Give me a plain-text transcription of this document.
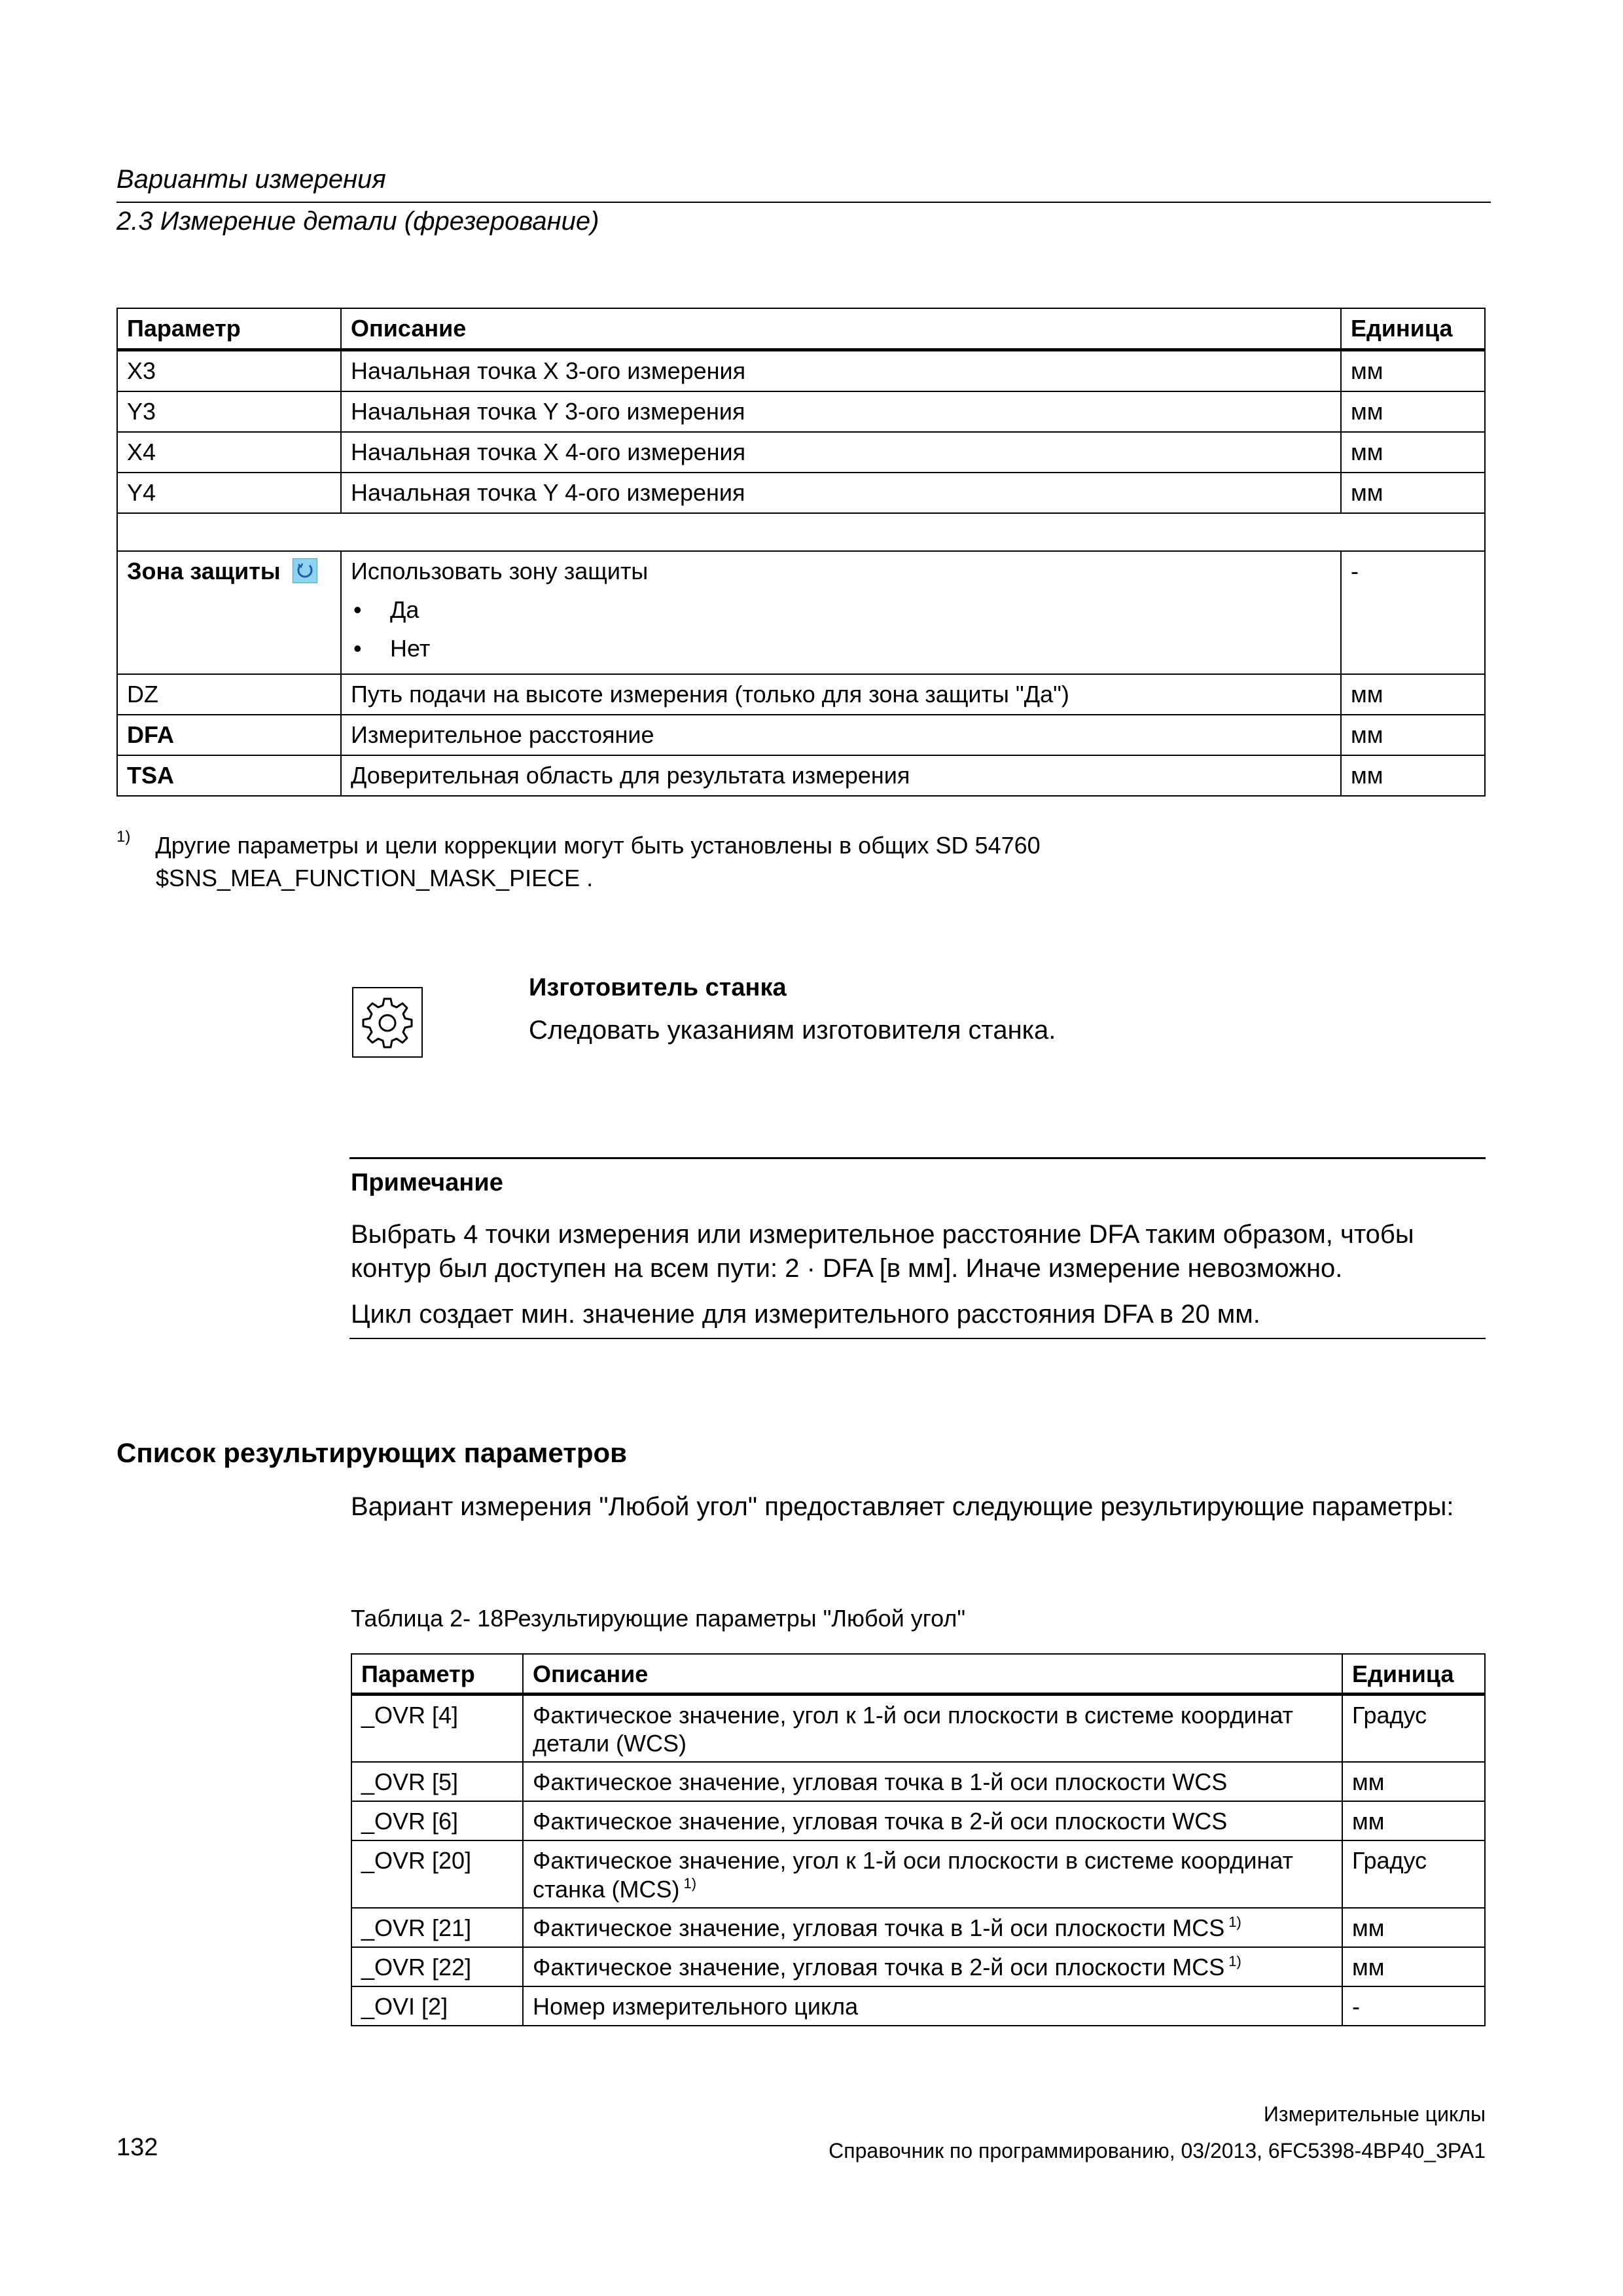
Варианты измерения
2.3 Измерение детали (фрезерование)
Параметр	Описание	Единица
X3	Начальная точка X 3-ого измерения	мм
Y3	Начальная точка Y 3-ого измерения	мм
X4	Начальная точка X 4-ого измерения	мм
Y4	Начальная точка Y 4-ого измерения	мм

Зона защиты	Использовать зону защиты
• Да
• Нет	-
DZ	Путь подачи на высоте измерения (только для зона защиты "Да")	мм
DFA	Измерительное расстояние	мм
TSA	Доверительная область для результата измерения	мм
$^{1)}$ Другие параметры и цели коррекции могут быть установлены в общих SD 54760
$SNS_MEA_FUNCTION_MASK_PIECE .
Изготовитель станка
Следовать указаниям изготовителя станка.
Примечание
Выбрать 4 точки измерения или измерительное расстояние DFA таким образом, чтобы контур был доступен на всем пути: 2 · DFA [в мм]. Иначе измерение невозможно.
Цикл создает мин. значение для измерительного расстояния DFA в 20 мм.
Список результирующих параметров
Вариант измерения "Любой угол" предоставляет следующие результирующие параметры:
Таблица 2- 18Результирующие параметры "Любой угол"
Параметр	Описание	Единица
_OVR [4]	Фактическое значение, угол к 1-й оси плоскости в системе координат детали (WCS)	Градус
_OVR [5]	Фактическое значение, угловая точка в 1-й оси плоскости WCS	мм
_OVR [6]	Фактическое значение, угловая точка в 2-й оси плоскости WCS	мм
_OVR [20]	Фактическое значение, угол к 1-й оси плоскости в системе координат станка (MCS) $^{1)}$	Градус
_OVR [21]	Фактическое значение, угловая точка в 1-й оси плоскости MCS $^{1)}$	мм
_OVR [22]	Фактическое значение, угловая точка в 2-й оси плоскости MCS $^{1)}$	мм
_OVI [2]	Номер измерительного цикла	-
Измерительные циклы
132	Справочник по программированию, 03/2013, 6FC5398-4BP40_3PA1
